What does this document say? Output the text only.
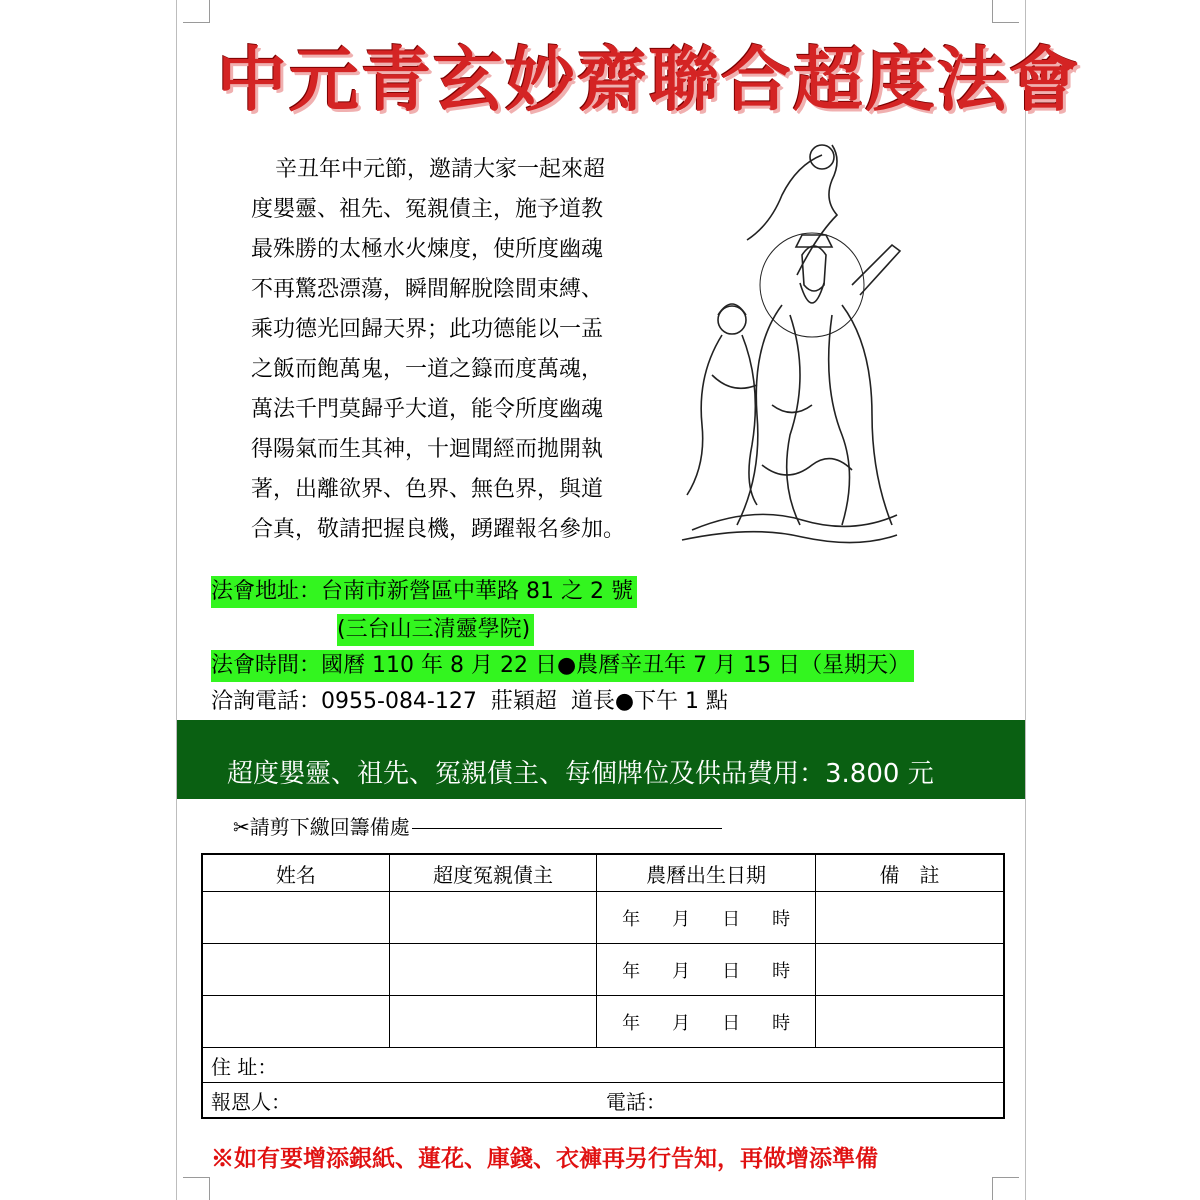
中元青玄妙齋聯合超度法會
辛丑年中元節，邀請大家一起來超
度嬰靈、祖先、冤親債主，施予道教
最殊勝的太極水火煉度，使所度幽魂
不再驚恐漂蕩，瞬間解脫陰間束縛、
乘功德光回歸天界；此功德能以一盂
之飯而飽萬鬼，一道之籙而度萬魂，
萬法千門莫歸乎大道，能令所度幽魂
得陽氣而生其神，十迴聞經而拋開執
著，出離欲界、色界、無色界，與道
合真，敬請把握良機，踴躍報名參加。
法會地址：台南市新營區中華路 81 之 2 號
(三台山三清靈學院)
法會時間：國曆 110 年 8 月 22 日●農曆辛丑年 7 月 15 日（星期天）
洽詢電話：0955-084-127  莊穎超  道長●下午 1 點
超度嬰靈、祖先、冤親債主、每個牌位及供品費用：3.800 元
✂請剪下繳回籌備處
姓名	超度冤親債主	農曆出生日期	備　註
		年 月 日 時	
		年 月 日 時	
		年 月 日 時	
住 址：			
報恩人： 電話：			
※如有要增添銀紙、蓮花、庫錢、衣褲再另行告知，再做增添準備
